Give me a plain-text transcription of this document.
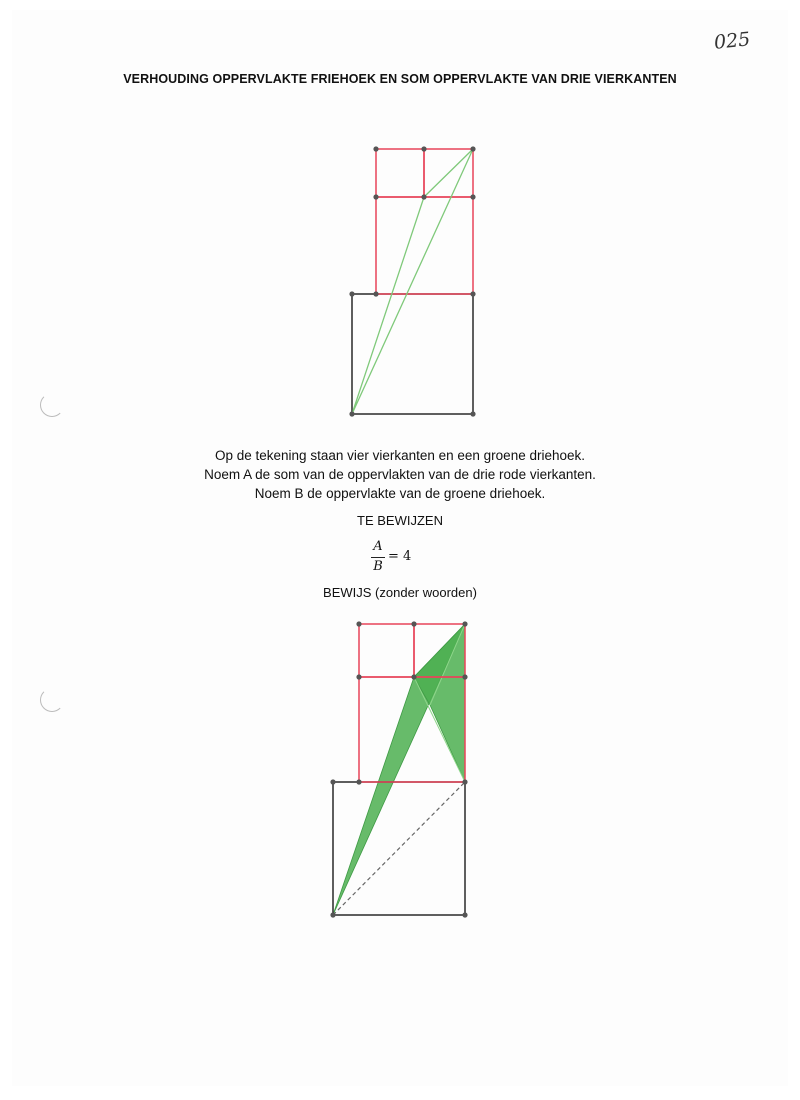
025
VERHOUDING OPPERVLAKTE FRIEHOEK EN SOM OPPERVLAKTE VAN DRIE VIERKANTEN
Op de tekening staan vier vierkanten en een groene driehoek.
Noem A de som van de oppervlakten van de drie rode vierkanten.
Noem B de oppervlakte van de groene driehoek.
TE BEWIJZEN
A
B
= 4
BEWIJS (zonder woorden)
